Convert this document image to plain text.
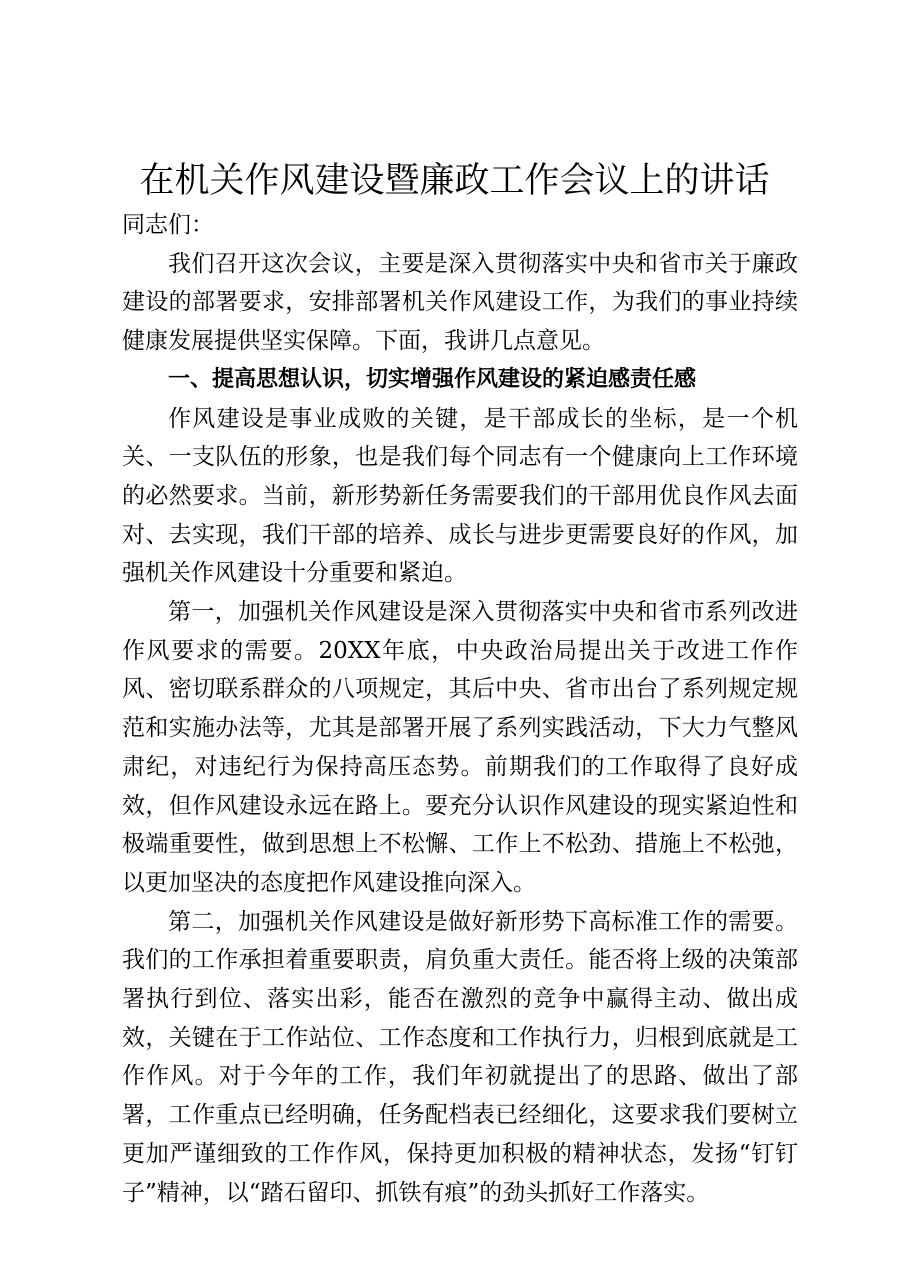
在机关作风建设暨廉政工作会议上的讲话

同志们：

我们召开这次会议，主要是深入贯彻落实中央和省市关于廉政建设的部署要求，安排部署机关作风建设工作，为我们的事业持续健康发展提供坚实保障。下面，我讲几点意见。

一、提高思想认识，切实增强作风建设的紧迫感责任感

作风建设是事业成败的关键，是干部成长的坐标，是一个机关、一支队伍的形象，也是我们每个同志有一个健康向上工作环境的必然要求。当前，新形势新任务需要我们的干部用优良作风去面对、去实现，我们干部的培养、成长与进步更需要良好的作风，加强机关作风建设十分重要和紧迫。

第一，加强机关作风建设是深入贯彻落实中央和省市系列改进作风要求的需要。20XX年底，中央政治局提出关于改进工作作风、密切联系群众的八项规定，其后中央、省市出台了系列规定规范和实施办法等，尤其是部署开展了系列实践活动，下大力气整风肃纪，对违纪行为保持高压态势。前期我们的工作取得了良好成效，但作风建设永远在路上。要充分认识作风建设的现实紧迫性和极端重要性，做到思想上不松懈、工作上不松劲、措施上不松弛，以更加坚决的态度把作风建设推向深入。

第二，加强机关作风建设是做好新形势下高标准工作的需要。我们的工作承担着重要职责，肩负重大责任。能否将上级的决策部署执行到位、落实出彩，能否在激烈的竞争中赢得主动、做出成效，关键在于工作站位、工作态度和工作执行力，归根到底就是工作作风。对于今年的工作，我们年初就提出了的思路、做出了部署，工作重点已经明确，任务配档表已经细化，这要求我们要树立更加严谨细致的工作作风，保持更加积极的精神状态，发扬“钉钉子”精神，以“踏石留印、抓铁有痕”的劲头抓好工作落实。
